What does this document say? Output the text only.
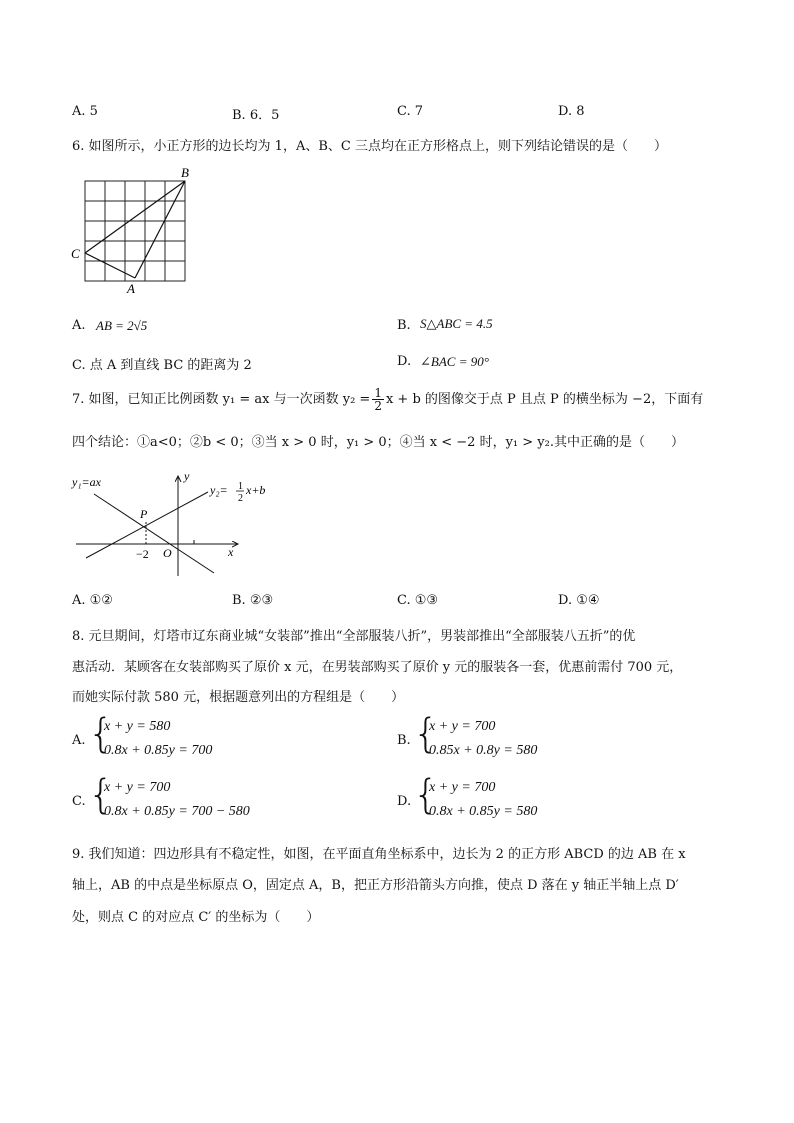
A. 5	B. 6．5	C. 7	D. 8
6. 如图所示，小正方形的边长均为 1，A、B、C 三点均在正方形格点上，则下列结论错误的是（　　）
B
C
A
A. AB = 2√5	B. S△ABC = 4.5
C. 点 A 到直线 BC 的距离为 2	D. ∠BAC = 90°
7. 如图，已知正比例函数 y₁ = ax 与一次函数 $y_2 = \frac{1}{2}$ x + b 的图像交于点 P 且点 P 的横坐标为 −2，下面有
四个结论：①a<0；②b < 0；③当 x > 0 时，y₁ > 0；④当 x < −2 时，y₁ > y₂.其中正确的是（　　）
y₁=ax
y₂= 1
2
x+b
P
−2 O	x
y
A. ①②	B. ②③	C. ①③	D. ①④
8. 元旦期间，灯塔市辽东商业城“女装部”推出“全部服装八折”，男装部推出“全部服装八五折”的优
惠活动．某顾客在女装部购买了原价 x 元，在男装部购买了原价 y 元的服装各一套，优惠前需付 700 元，
而她实际付款 580 元，根据题意列出的方程组是（　　）
A. {
x + y = 580
0.8x + 0.85y = 700
B. {
x + y = 700
0.85x + 0.8y = 580
C. {
x + y = 700
0.8x + 0.85y = 700 − 580
D. {
x + y = 700
0.8x + 0.85y = 580
9. 我们知道：四边形具有不稳定性，如图，在平面直角坐标系中，边长为 2 的正方形 ABCD 的边 AB 在 x
轴上，AB 的中点是坐标原点 O，固定点 A，B，把正方形沿箭头方向推，使点 D 落在 y 轴正半轴上点 D′
处，则点 C 的对应点 C′ 的坐标为（　　）
